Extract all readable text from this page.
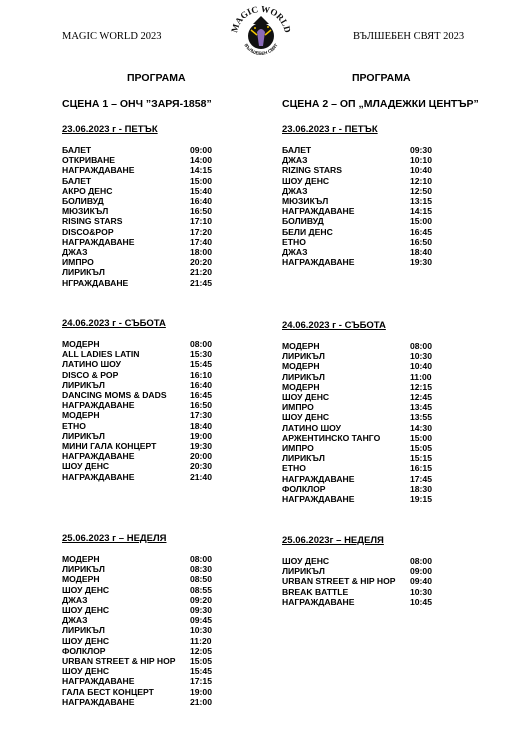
MAGIC WORLD 2023
MAGIC WORLD
ВЪЛШЕБЕН СВЯТ
ВЪЛШЕБЕН СВЯТ 2023
ПРОГРАМА
СЦЕНА 1 – ОНЧ ”ЗАРЯ-1858”
23.06.2023 г - ПЕТЪК
БАЛЕТ	09:00
ОТКРИВАНЕ	14:00
НАГРАЖДАВАНЕ	14:15
БАЛЕТ	15:00
АКРО ДЕНС	15:40
БОЛИВУД	16:40
МЮЗИКЪЛ	16:50
RISING STARS	17:10
DISCO&POP	17:20
НАГРАЖДАВАНЕ	17:40
ДЖАЗ	18:00
ИМПРО	20:20
ЛИРИКЪЛ	21:20
НГРАЖДАВАНЕ	21:45
24.06.2023 г - СЪБОТА
МОДЕРН	08:00
ALL LADIES LATIN	15:30
ЛАТИНО ШОУ	15:45
DISCO & POP	16:10
ЛИРИКЪЛ	16:40
DANCING MOMS & DADS	16:45
НАГРАЖДАВАНЕ	16:50
МОДЕРН	17:30
ЕТНО	18:40
ЛИРИКЪЛ	19:00
МИНИ ГАЛА КОНЦЕРТ	19:30
НАГРАЖДАВАНЕ	20:00
ШОУ ДЕНС	20:30
НАГРАЖДАВАНЕ	21:40
25.06.2023 г – НЕДЕЛЯ
МОДЕРН	08:00
ЛИРИКЪЛ	08:30
МОДЕРН	08:50
ШОУ ДЕНС	08:55
ДЖАЗ	09:20
ШОУ ДЕНС	09:30
ДЖАЗ	09:45
ЛИРИКЪЛ	10:30
ШОУ ДЕНС	11:20
ФОЛКЛОР	12:05
URBAN STREET & HIP HOP	15:05
ШОУ ДЕНС	15:45
НАГРАЖДАВАНЕ	17:15
ГАЛА БЕСТ КОНЦЕРТ	19:00
НАГРАЖДАВАНЕ	21:00
ПРОГРАМА
СЦЕНА 2 – ОП „МЛАДЕЖКИ ЦЕНТЪР”
23.06.2023 г - ПЕТЪК
БАЛЕТ	09:30
ДЖАЗ	10:10
RIZING STARS	10:40
ШОУ ДЕНС	12:10
ДЖАЗ	12:50
МЮЗИКЪЛ	13:15
НАГРАЖДАВАНЕ	14:15
БОЛИВУД	15:00
БЕЛИ ДЕНС	16:45
ЕТНО	16:50
ДЖАЗ	18:40
НАГРАЖДАВАНЕ	19:30
24.06.2023 г - СЪБОТА
МОДЕРН	08:00
ЛИРИКЪЛ	10:30
МОДЕРН	10:40
ЛИРИКЪЛ	11:00
МОДЕРН	12:15
ШОУ ДЕНС	12:45
ИМПРО	13:45
ШОУ ДЕНС	13:55
ЛАТИНО ШОУ	14:30
АРЖЕНТИНСКО ТАНГО	15:00
ИМПРО	15:05
ЛИРИКЪЛ	15:15
ЕТНО	16:15
НАГРАЖДАВАНЕ	17:45
ФОЛКЛОР	18:30
НАГРАЖДАВАНЕ	19:15
25.06.2023г – НЕДЕЛЯ
ШОУ ДЕНС	08:00
ЛИРИКЪЛ	09:00
URBAN STREET & HIP HOP	09:40
BREAK BATTLE	10:30
НАГРАЖДАВАНЕ	10:45
